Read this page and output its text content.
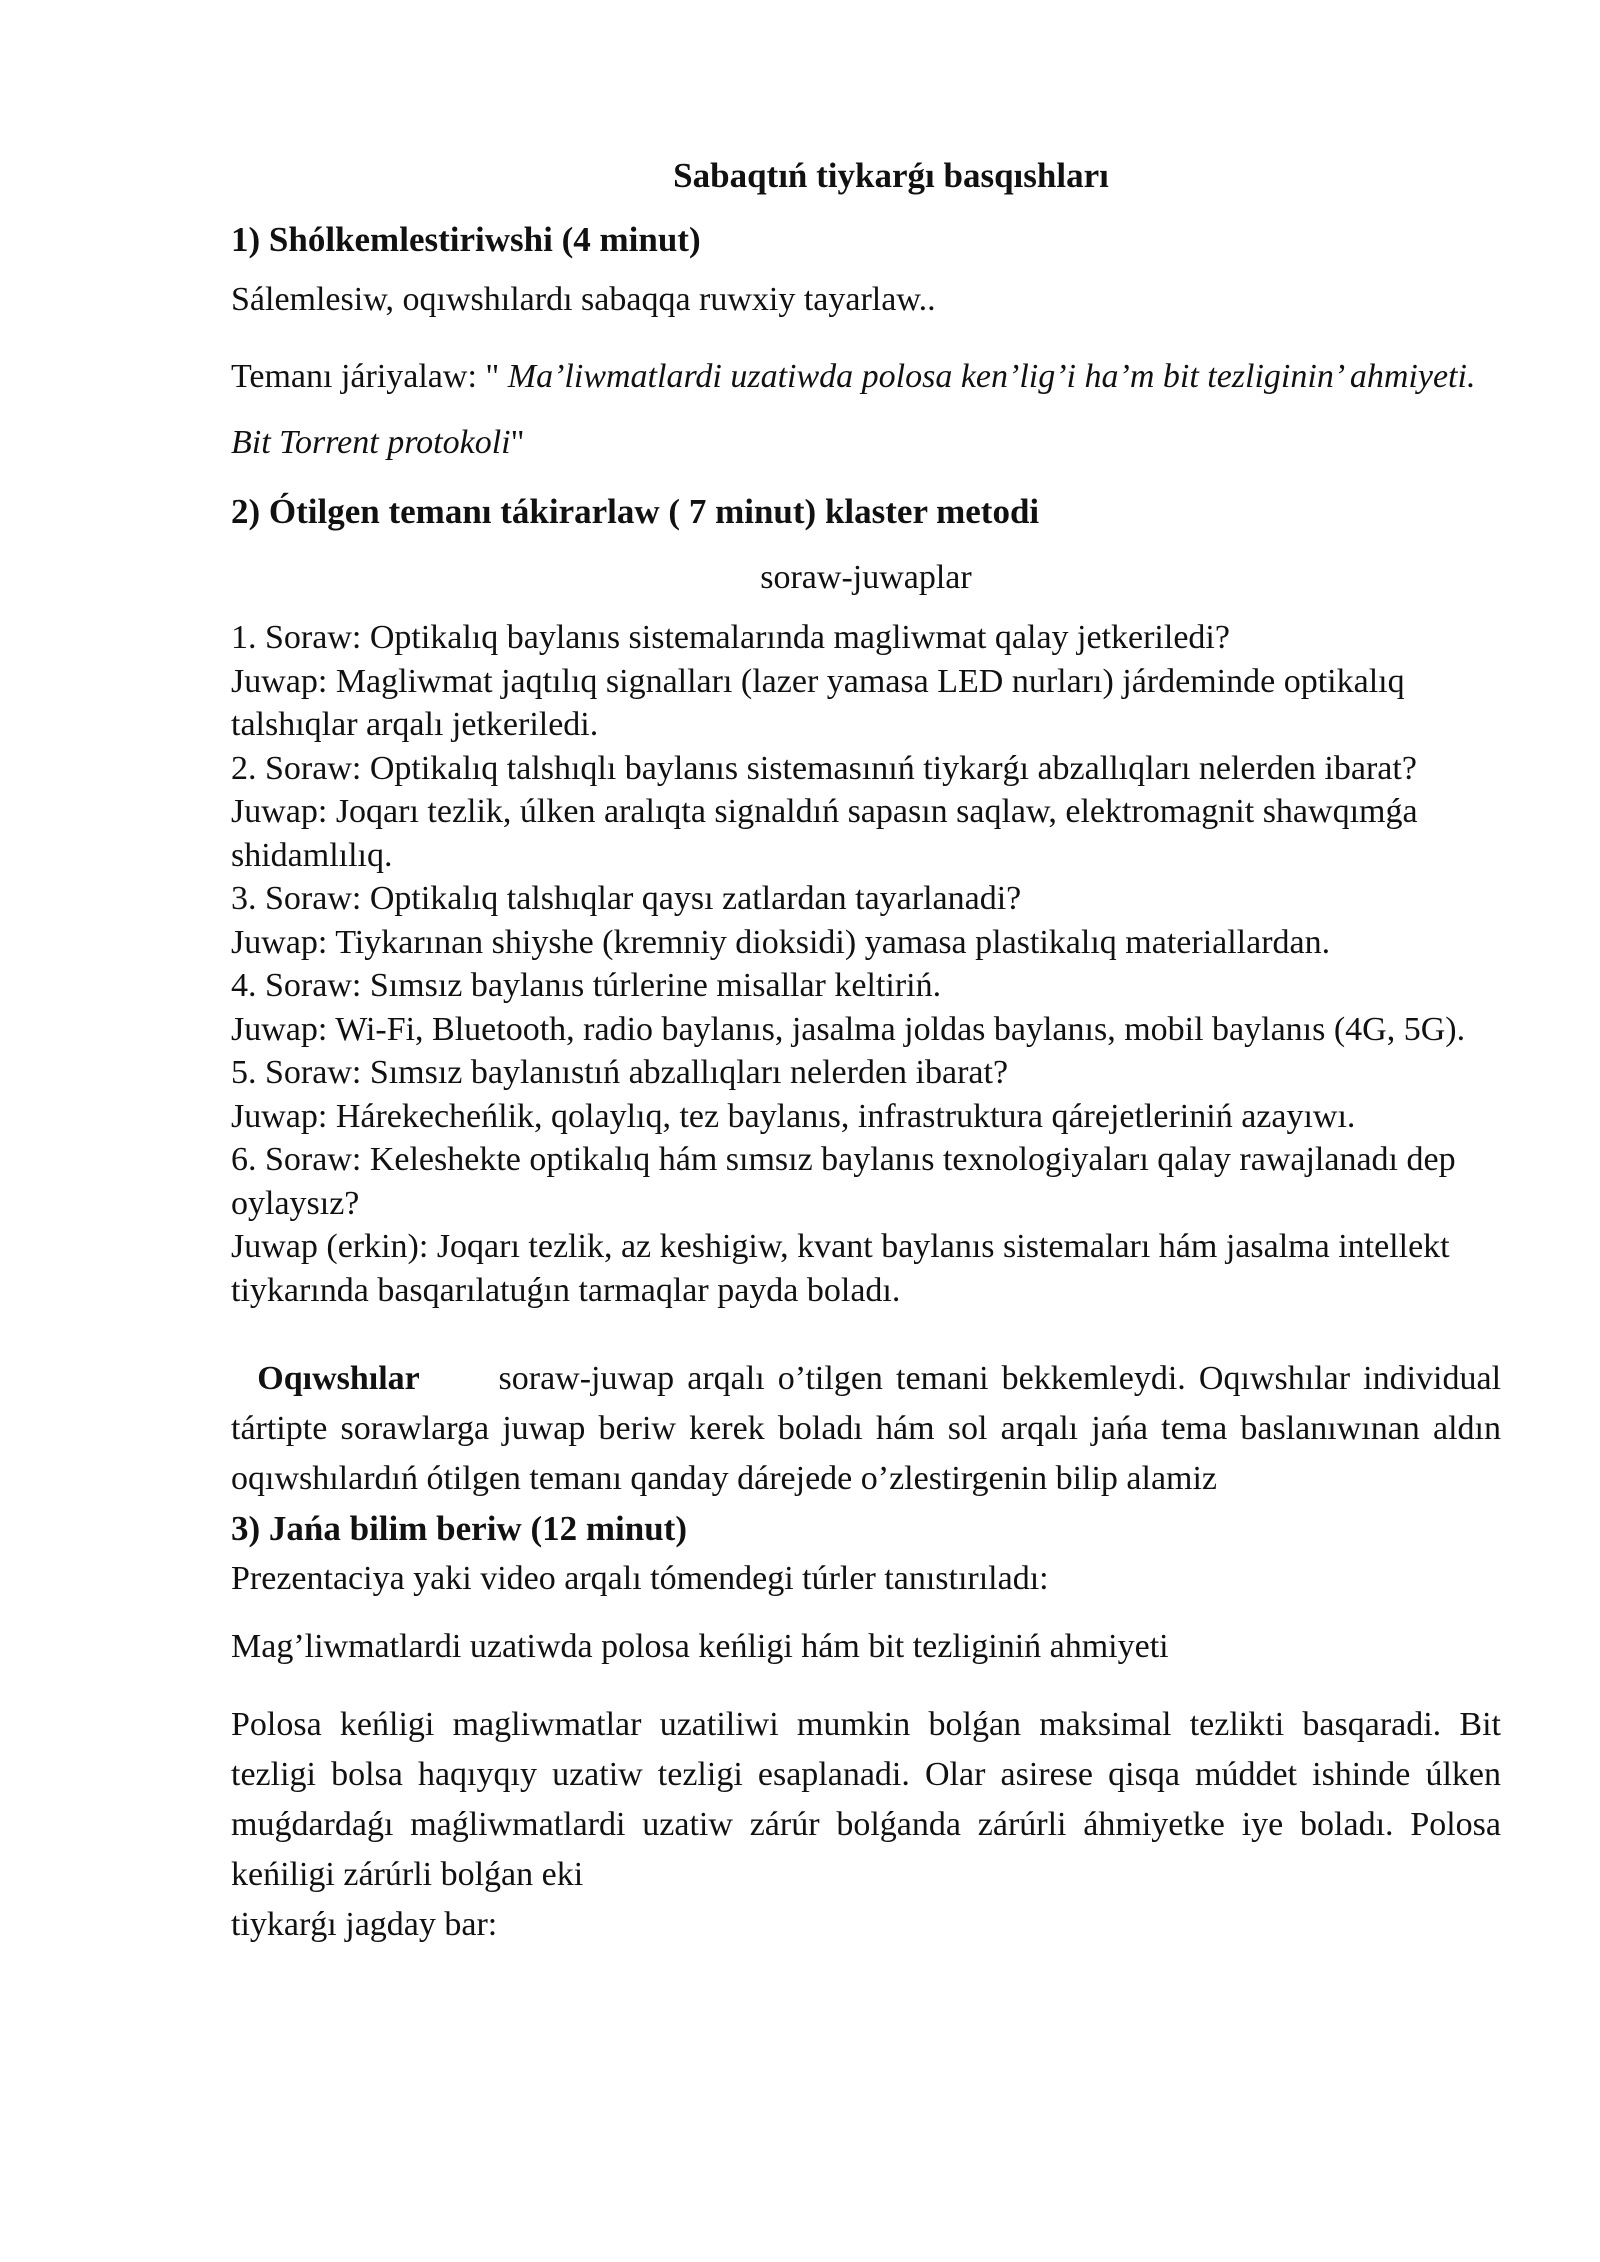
Sabaqtıń tiykarǵı basqıshları
1) Shólkemlestiriwshi (4 minut)
Sálemlesiw, oqıwshılardı sabaqqa ruwxiy tayarlaw..
Temanı járiyalaw: " Ma’liwmatlardi uzatiwda polosa ken’lig’i ha’m bit tezliginin’ ahmiyeti. Bit Torrent protokoli"
2) Ótilgen temanı tákirarlaw ( 7 minut) klaster metodi
soraw-juwaplar

1. Soraw: Optikalıq baylanıs sistemalarında magliwmat qalay jetkeriledi?

Juwap: Magliwmat jaqtılıq signalları (lazer yamasa LED nurları) járdeminde optikalıq talshıqlar arqalı jetkeriledi.

2. Soraw: Optikalıq talshıqlı baylanıs sistemasınıń tiykarǵı abzallıqları nelerden ibarat?

Juwap: Joqarı tezlik, úlken aralıqta signaldıń sapasın saqlaw, elektromagnit shawqımǵa shidamlılıq.

3. Soraw: Optikalıq talshıqlar qaysı zatlardan tayarlanadi?

Juwap: Tiykarınan shiyshe (kremniy dioksidi) yamasa plastikalıq materiallardan.

4. Soraw: Sımsız baylanıs túrlerine misallar keltiriń.

Juwap: Wi-Fi, Bluetooth, radio baylanıs, jasalma joldas baylanıs, mobil baylanıs (4G, 5G).

5. Soraw: Sımsız baylanıstıń abzallıqları nelerden ibarat?

Juwap: Hárekecheńlik, qolaylıq, tez baylanıs, infrastruktura qárejetleriniń azayıwı.

6. Soraw: Keleshekte optikalıq hám sımsız baylanıs texnologiyaları qalay rawajlanadı dep oylaysız?

Juwap (erkin): Joqarı tezlik, az keshigiw, kvant baylanıs sistemaları hám jasalma intellekt tiykarında basqarılatuǵın tarmaqlar payda boladı.

Oqıwshılar soraw-juwap arqalı o’tilgen temani bekkemleydi. Oqıwshılar individual tártipte sorawlarga juwap beriw kerek boladı hám sol arqalı jańa tema baslanıwınan aldın oqıwshılardıń ótilgen temanı qanday dárejede o’zlestirgenin bilip alamiz
3) Jańa bilim beriw (12 minut)
Prezentaciya yaki video arqalı tómendegi túrler tanıstırıladı:
Mag’liwmatlardi uzatiwda polosa keńligi hám bit tezliginiń ahmiyeti
Polosa keńligi magliwmatlar uzatiliwi mumkin bolǵan maksimal tezlikti basqaradi. Bit tezligi bolsa haqıyqıy uzatiw tezligi esaplanadi. Olar asirese qisqa múddet ishinde úlken muǵdardaǵı maǵliwmatlardi uzatiw zárúr bolǵanda zárúrli áhmiyetke iye boladı. Polosa keńiligi zárúrli bolǵan eki
tiykarǵı jagday bar:
